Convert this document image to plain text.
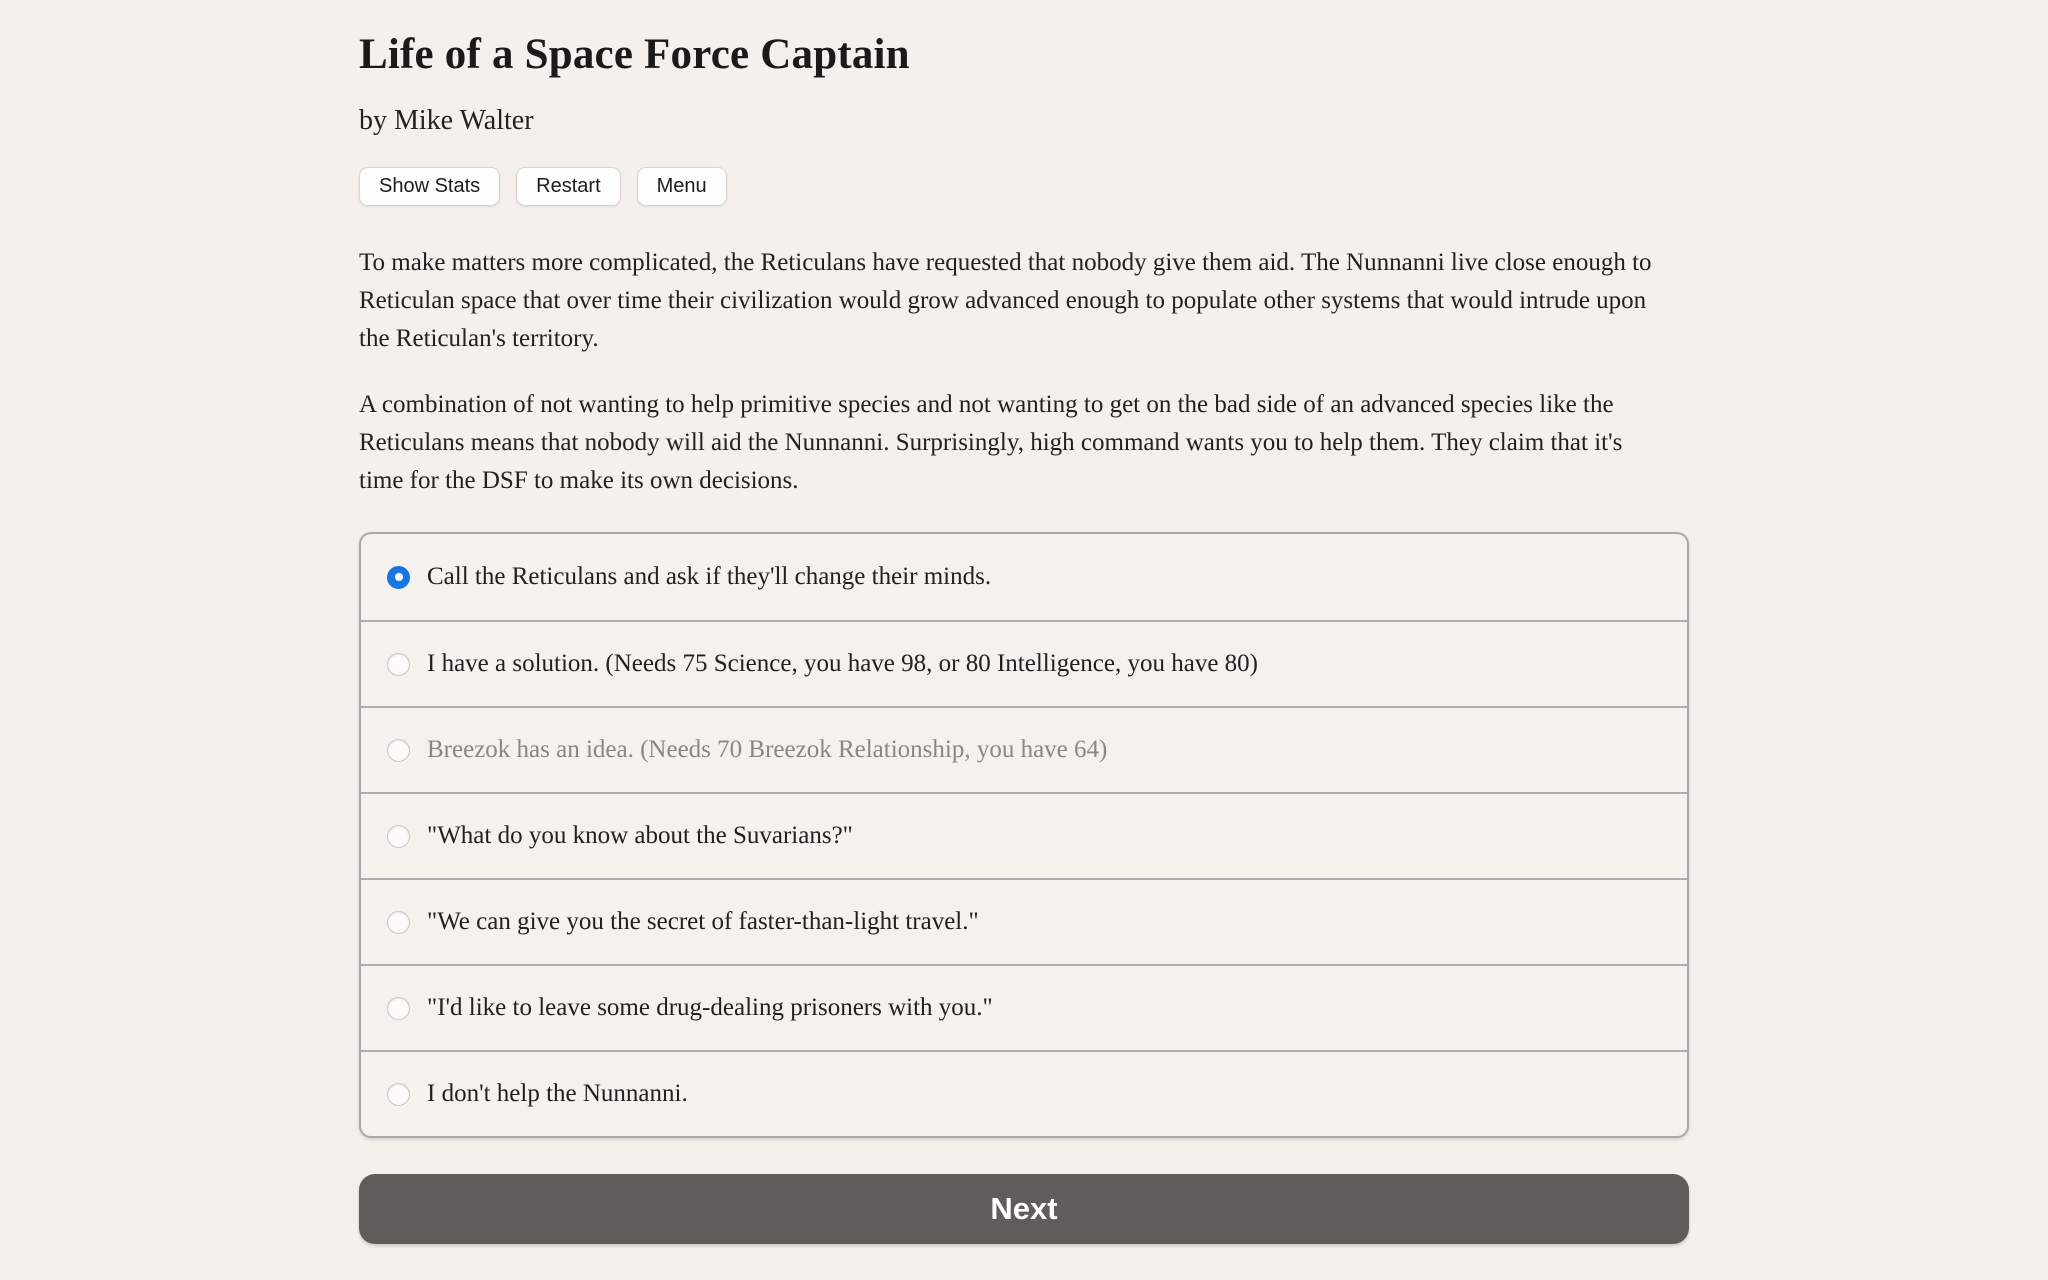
Life of a Space Force Captain
by Mike Walter
Show Stats	Restart	Menu

To make matters more complicated, the Reticulans have requested that nobody give them aid. The Nunnanni live close enough to Reticulan space that over time their civilization would grow advanced enough to populate other systems that would intrude upon the Reticulan's territory.

A combination of not wanting to help primitive species and not wanting to get on the bad side of an advanced species like the Reticulans means that nobody will aid the Nunnanni. Surprisingly, high command wants you to help them. They claim that it's time for the DSF to make its own decisions.

Call the Reticulans and ask if they'll change their minds.
I have a solution. (Needs 75 Science, you have 98, or 80 Intelligence, you have 80)
Breezok has an idea. (Needs 70 Breezok Relationship, you have 64)
"What do you know about the Suvarians?"
"We can give you the secret of faster-than-light travel."
"I'd like to leave some drug-dealing prisoners with you."
I don't help the Nunnanni.
Next
